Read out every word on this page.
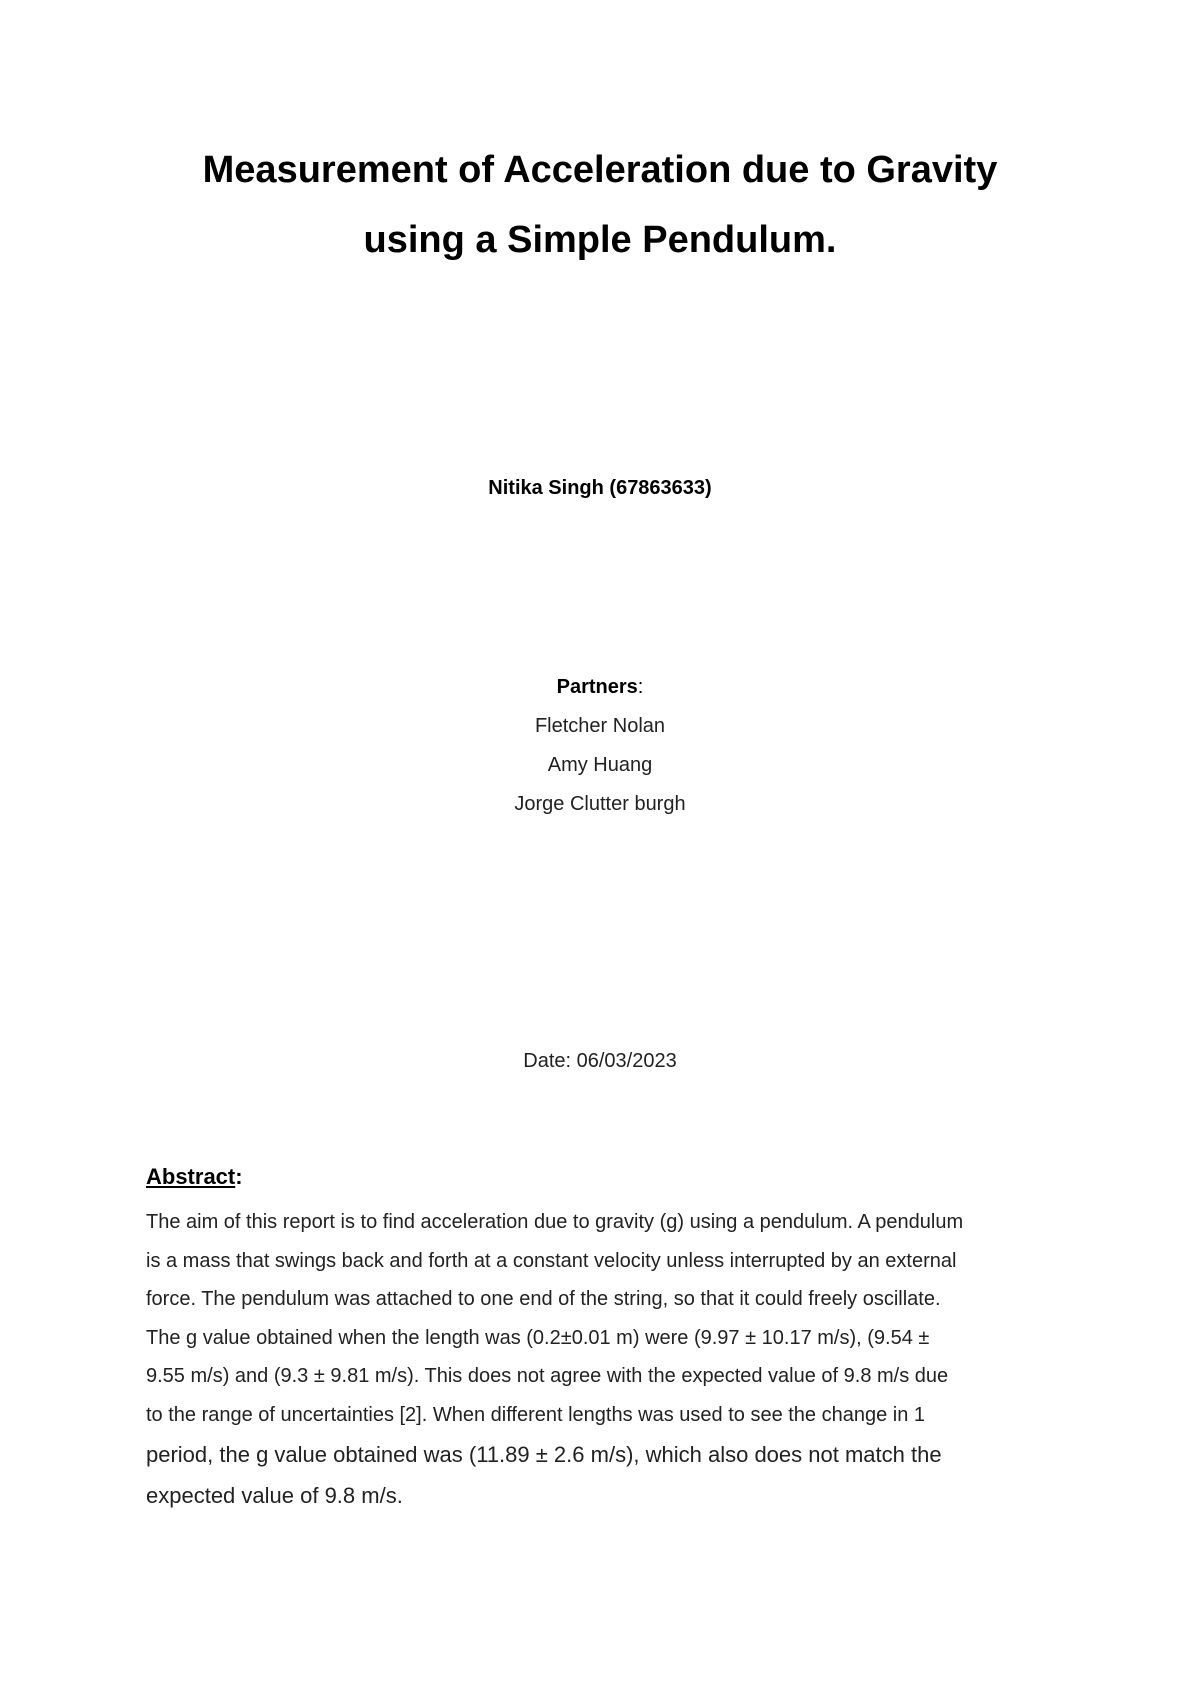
Measurement of Acceleration due to Gravity
using a Simple Pendulum.
Nitika Singh (67863633)
Partners:
Fletcher Nolan
Amy Huang
Jorge Clutter burgh
Date: 06/03/2023
Abstract:
The aim of this report is to find acceleration due to gravity (g) using a pendulum. A pendulum
is a mass that swings back and forth at a constant velocity unless interrupted by an external
force. The pendulum was attached to one end of the string, so that it could freely oscillate.
The g value obtained when the length was (0.2±0.01 m) were (9.97 ± 10.17 m/s), (9.54 ±
9.55 m/s) and (9.3 ± 9.81 m/s). This does not agree with the expected value of 9.8 m/s due
to the range of uncertainties [2]. When different lengths was used to see the change in 1
period, the g value obtained was (11.89 ± 2.6 m/s), which also does not match the
expected value of 9.8 m/s.
